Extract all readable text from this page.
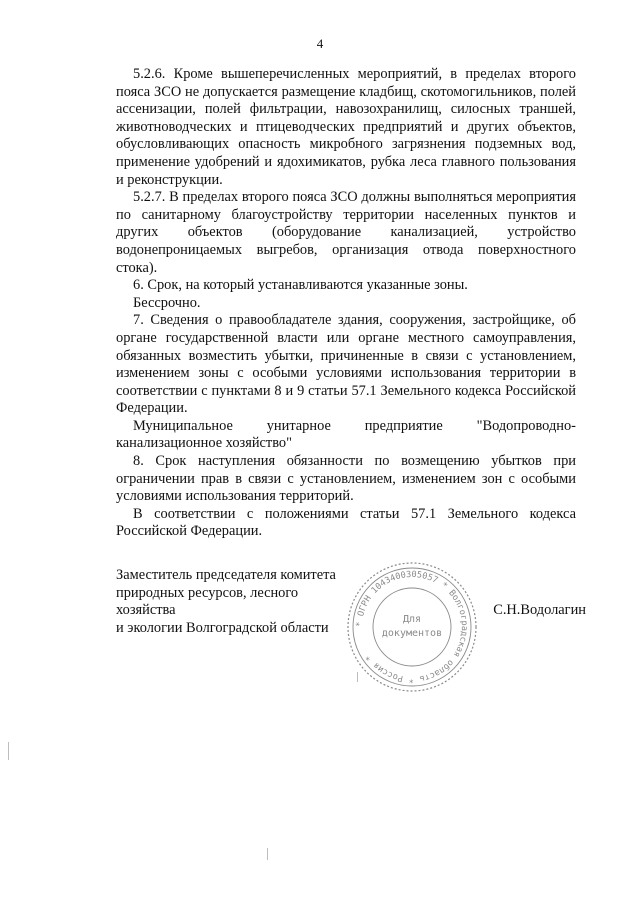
4

5.2.6. Кроме вышеперечисленных мероприятий, в пределах второго пояса ЗСО не допускается размещение кладбищ, скотомогильников, полей ассенизации, полей фильтрации, навозохранилищ, силосных траншей, животноводческих и птицеводческих предприятий и других объектов, обусловливающих опасность микробного загрязнения подземных вод, применение удобрений и ядохимикатов, рубка леса главного пользования и реконструкции.

5.2.7. В пределах второго пояса ЗСО должны выполняться мероприятия по санитарному благоустройству территории населенных пунктов и других объектов (оборудование канализацией, устройство водонепроницаемых выгребов, организация отвода поверхностного стока).

6. Срок, на который устанавливаются указанные зоны.

Бессрочно.

7. Сведения о правообладателе здания, сооружения, застройщике, об органе государственной власти или органе местного самоуправления, обязанных возместить убытки, причиненные в связи с установлением, изменением зоны с особыми условиями использования территории в соответствии с пунктами 8 и 9 статьи 57.1 Земельного кодекса Российской Федерации.

Муниципальное унитарное предприятие "Водопроводно-

канализационное хозяйство"

8. Срок наступления обязанности по возмещению убытков при ограничении прав в связи с установлением, изменением зон с особыми условиями использования территорий.

В соответствии с положениями статьи 57.1 Земельного кодекса Российской Федерации.

Заместитель председателя комитета
природных ресурсов, лесного хозяйства
и экологии Волгоградской области	* ОГРН 1043400305057 * Волгоградская область * Россия *
Для
документов
С.Н.Водолагин
